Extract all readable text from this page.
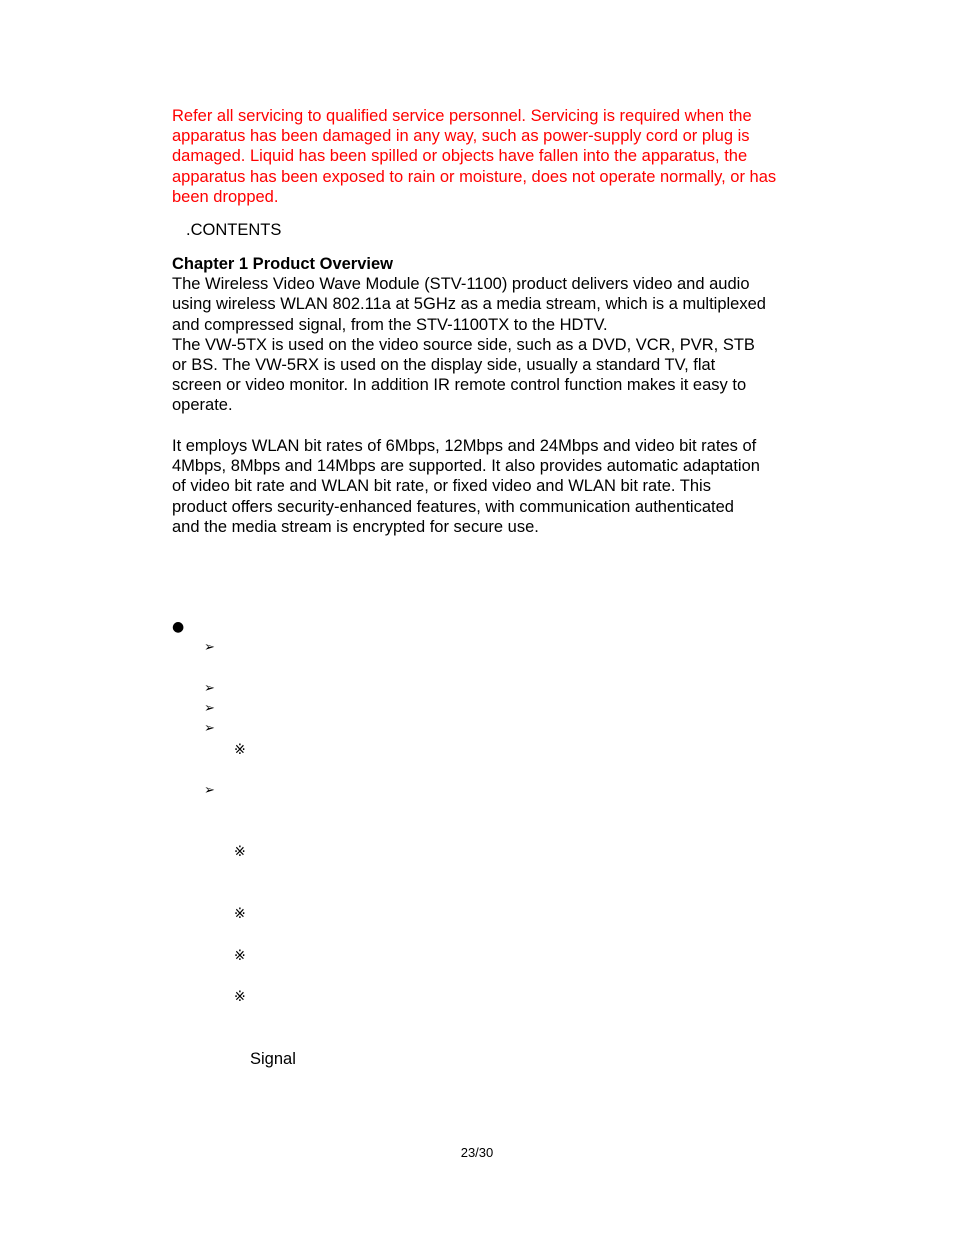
Refer all servicing to qualified service personnel. Servicing is required when the
apparatus has been damaged in any way, such as power-supply cord or plug is
damaged. Liquid has been spilled or objects have fallen into the apparatus, the
apparatus has been exposed to rain or moisture, does not operate normally, or has
been dropped.
.CONTENTS
Chapter 1 Product Overview
The Wireless Video Wave Module (STV-1100) product delivers video and audio
using wireless WLAN 802.11a at 5GHz as a media stream, which is a multiplexed
and compressed signal, from the STV-1100TX to the HDTV.
The VW-5TX is used on the video source side, such as a DVD, VCR, PVR, STB
or BS. The VW-5RX is used on the display side, usually a standard TV, flat
screen or video monitor. In addition IR remote control function makes it easy to
operate.
It employs WLAN bit rates of 6Mbps, 12Mbps and 24Mbps and video bit rates of
4Mbps, 8Mbps and 14Mbps are supported. It also provides automatic adaptation
of video bit rate and WLAN bit rate, or fixed video and WLAN bit rate. This
product offers security-enhanced features, with communication authenticated
and the media stream is encrypted for secure use.
●
➢
➢
➢
➢
※
➢
※
※
※
※
Signal
23/30
